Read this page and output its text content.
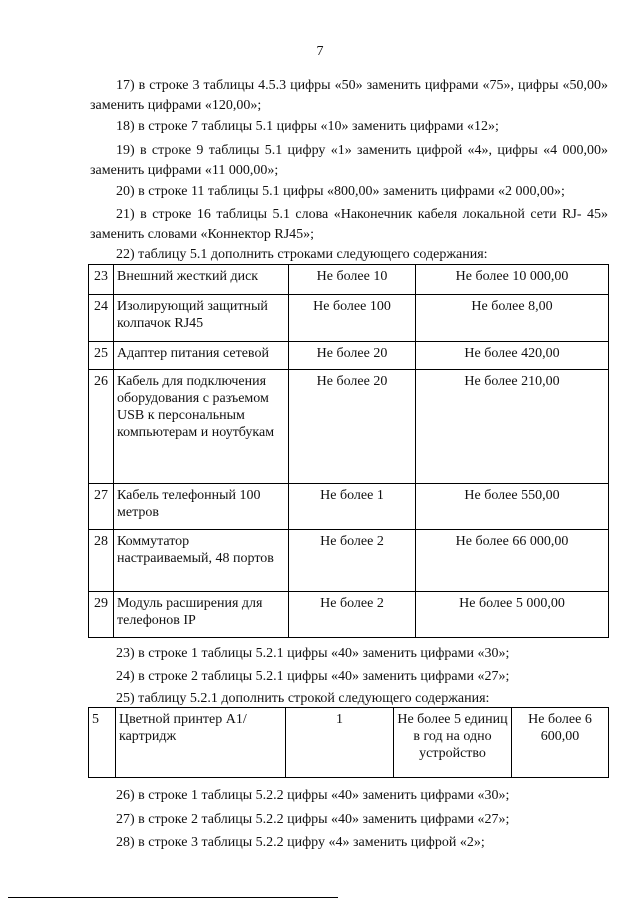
7

17) в строке 3 таблицы 4.5.3 цифры «50» заменить цифрами «75», цифры «50,00» заменить цифрами «120,00»;

18) в строке 7 таблицы 5.1 цифры «10» заменить цифрами «12»;

19) в строке 9 таблицы 5.1 цифру «1» заменить цифрой «4», цифры «4 000,00» заменить цифрами «11 000,00»;

20) в строке 11 таблицы 5.1 цифры «800,00» заменить цифрами «2 000,00»;

21) в строке 16 таблицы 5.1 слова «Наконечник кабеля локальной сети RJ- 45» заменить словами «Коннектор RJ45»;

22) таблицу 5.1 дополнить строками следующего содержания:

23	Внешний жесткий диск	Не более 10	Не более 10 000,00
24	Изолирующий защитный колпачок RJ45	Не более 100	Не более 8,00
25	Адаптер питания сетевой	Не более 20	Не более 420,00
26	Кабель для подключения оборудования с разъемом USB к персональным компьютерам и ноутбукам	Не более 20	Не более 210,00
27	Кабель телефонный 100 метров	Не более 1	Не более 550,00
28	Коммутатор настраиваемый, 48 портов	Не более 2	Не более 66 000,00
29	Модуль расширения для телефонов IP	Не более 2	Не более 5 000,00

23) в строке 1 таблицы 5.2.1 цифры «40» заменить цифрами «30»;

24) в строке 2 таблицы 5.2.1 цифры «40» заменить цифрами «27»;

25) таблицу 5.2.1 дополнить строкой следующего содержания:

5	Цветной принтер А1/картридж	1	Не более 5 единиц в год на одно устройство	Не более 6 600,00

26) в строке 1 таблицы 5.2.2 цифры «40» заменить цифрами «30»;

27) в строке 2 таблицы 5.2.2 цифры «40» заменить цифрами «27»;

28) в строке 3 таблицы 5.2.2 цифру «4» заменить цифрой «2»;
